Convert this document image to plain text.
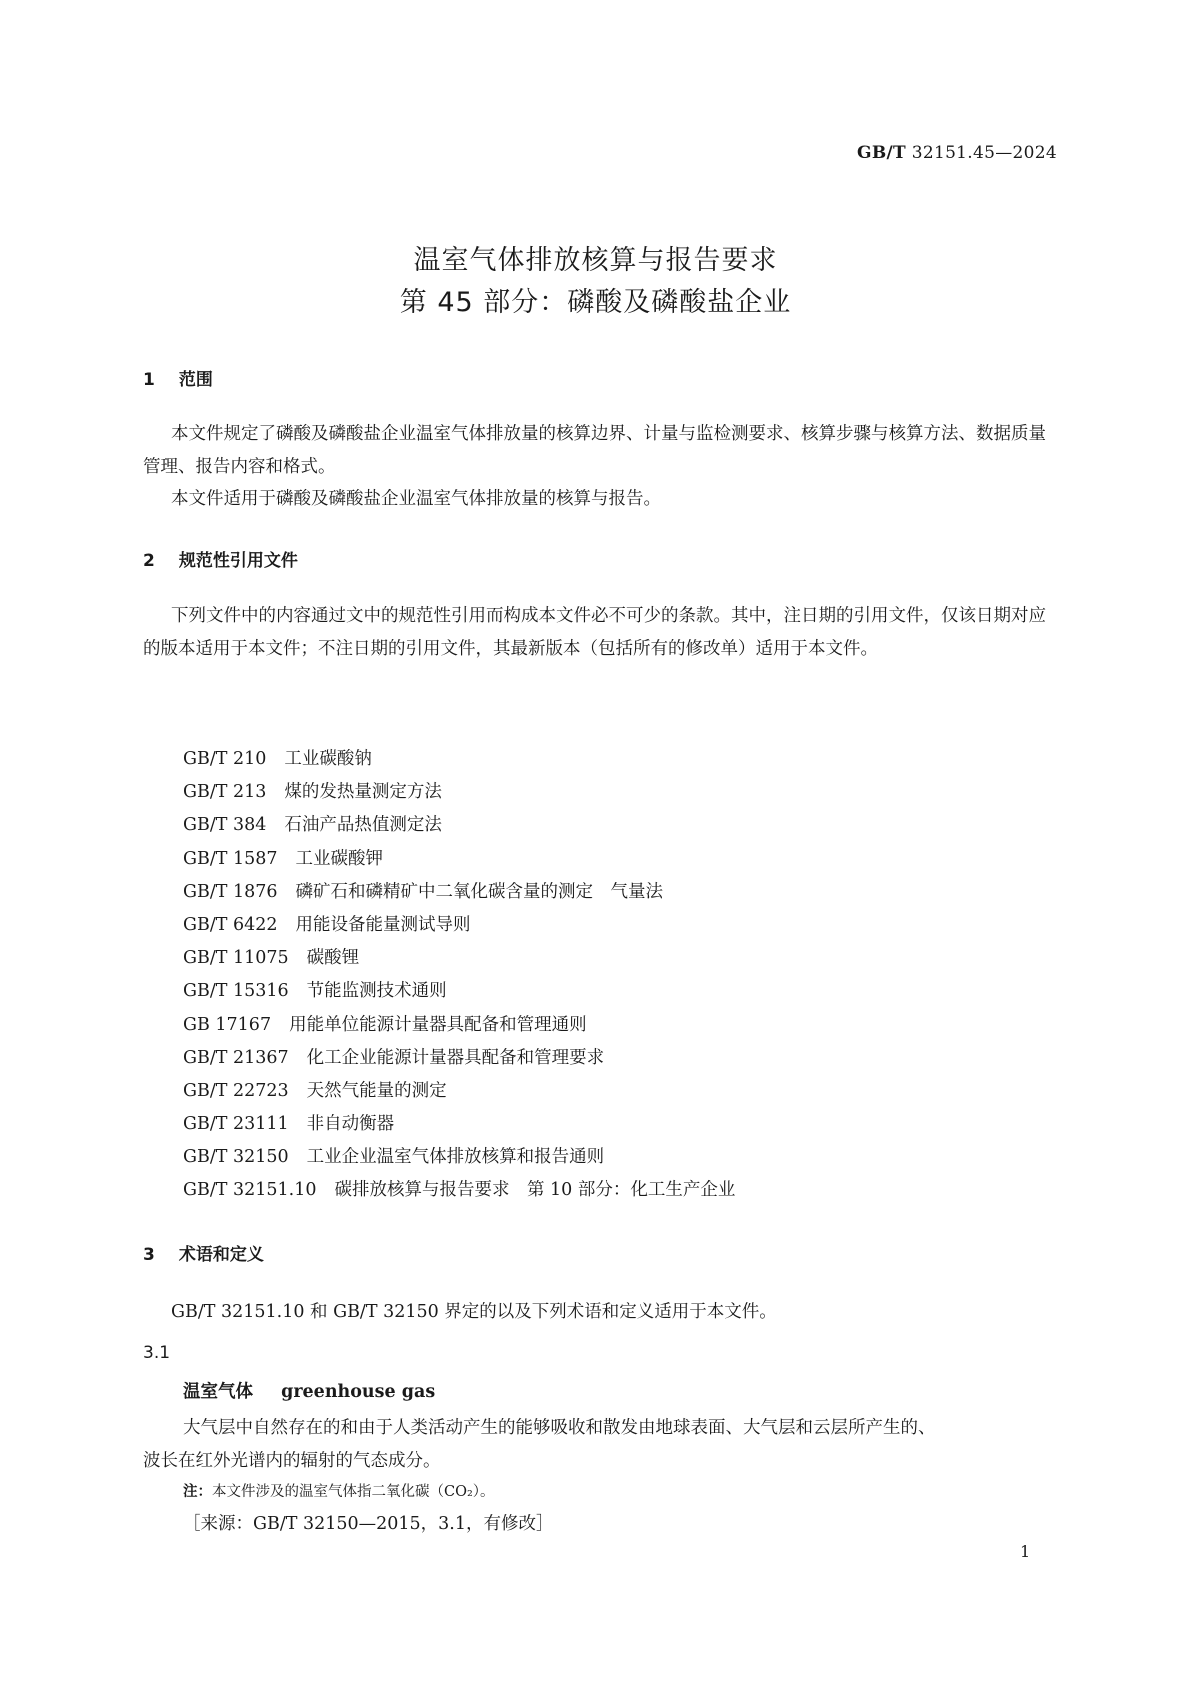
GB/T 32151.45—2024
温室气体排放核算与报告要求
第 45 部分：磷酸及磷酸盐企业
1 范围
本文件规定了磷酸及磷酸盐企业温室气体排放量的核算边界、计量与监检测要求、核算步骤与核算方法、数据质量管理、报告内容和格式。
本文件适用于磷酸及磷酸盐企业温室气体排放量的核算与报告。
2 规范性引用文件
下列文件中的内容通过文中的规范性引用而构成本文件必不可少的条款。其中，注日期的引用文件，仅该日期对应的版本适用于本文件；不注日期的引用文件，其最新版本（包括所有的修改单）适用于本文件。
GB/T 210 工业碳酸钠
GB/T 213 煤的发热量测定方法
GB/T 384 石油产品热值测定法
GB/T 1587 工业碳酸钾
GB/T 1876 磷矿石和磷精矿中二氧化碳含量的测定　气量法
GB/T 6422 用能设备能量测试导则
GB/T 11075 碳酸锂
GB/T 15316 节能监测技术通则
GB 17167 用能单位能源计量器具配备和管理通则
GB/T 21367 化工企业能源计量器具配备和管理要求
GB/T 22723 天然气能量的测定
GB/T 23111 非自动衡器
GB/T 32150 工业企业温室气体排放核算和报告通则
GB/T 32151.10 碳排放核算与报告要求　第 10 部分：化工生产企业
3 术语和定义
GB/T 32151.10 和 GB/T 32150 界定的以及下列术语和定义适用于本文件。
3.1
温室气体 greenhouse gas
大气层中自然存在的和由于人类活动产生的能够吸收和散发由地球表面、大气层和云层所产生的、
波长在红外光谱内的辐射的气态成分。
注：本文件涉及的温室气体指二氧化碳（CO₂）。
［来源：GB/T 32150—2015，3.1，有修改］
1
